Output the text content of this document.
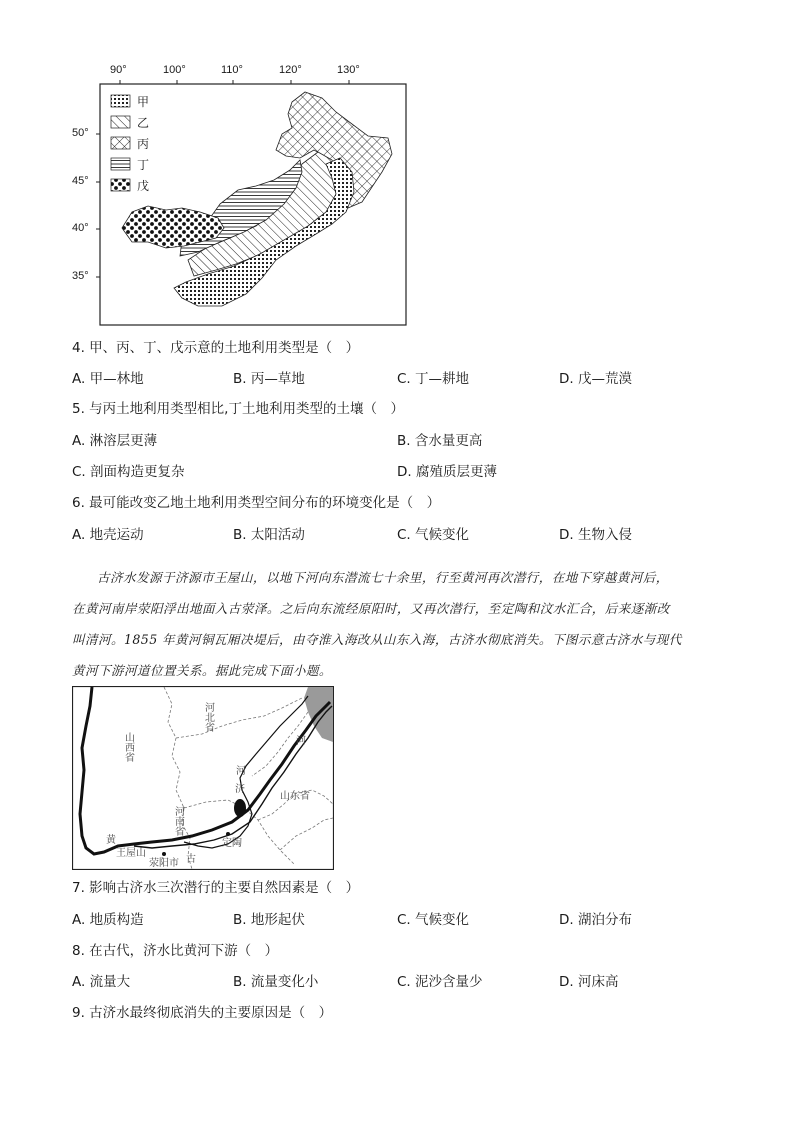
90°	100°	110°	120°	130°
50°
45°
40°
35°
甲
乙
丙
丁
戊
4. 甲、丙、丁、戊示意的土地利用类型是（　）
A. 甲—林地	B. 丙—草地	C. 丁—耕地	D. 戊—荒漠
5. 与丙土地利用类型相比,丁土地利用类型的土壤（　）
A. 淋溶层更薄	B. 含水量更高
C. 剖面构造更复杂	D. 腐殖质层更薄
6. 最可能改变乙地土地利用类型空间分布的环境变化是（　）
A. 地壳运动	B. 太阳活动	C. 气候变化	D. 生物入侵
古济水发源于济源市王屋山，以地下河向东潜流七十余里，行至黄河再次潜行，在地下穿越黄河后，
在黄河南岸荥阳浮出地面入古荥泽。之后向东流经原阳时，又再次潜行，至定陶和汶水汇合，后来逐渐改
叫清河。1855 年黄河铜瓦厢决堤后，由夺淮入海改从山东入海，古济水彻底消失。下图示意古济水与现代
黄河下游河道位置关系。据此完成下面小题。
山西省
河北省
河南省
山东省
河
河
济
黄
古
王屋山
荥阳市
定陶
7. 影响古济水三次潜行的主要自然因素是（　）
A. 地质构造	B. 地形起伏	C. 气候变化	D. 湖泊分布
8. 在古代，济水比黄河下游（　）
A. 流量大	B. 流量变化小	C. 泥沙含量少	D. 河床高
9. 古济水最终彻底消失的主要原因是（　）
